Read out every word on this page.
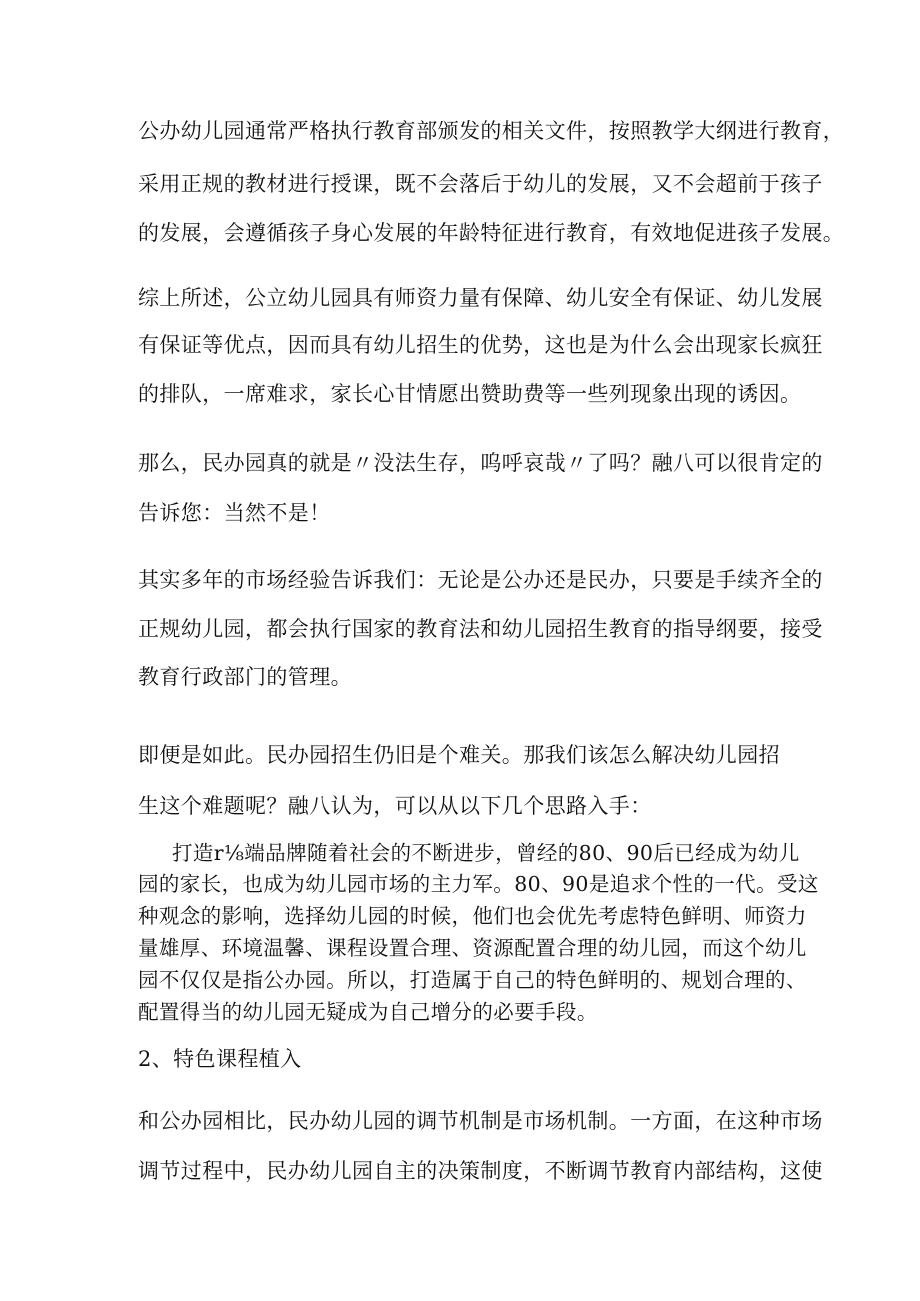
公办幼儿园通常严格执行教育部颁发的相关文件，按照教学大纲进行教育，

采用正规的教材进行授课，既不会落后于幼儿的发展，又不会超前于孩子

的发展，会遵循孩子身心发展的年龄特征进行教育，有效地促进孩子发展。

综上所述，公立幼儿园具有师资力量有保障、幼儿安全有保证、幼儿发展

有保证等优点，因而具有幼儿招生的优势，这也是为什么会出现家长疯狂

的排队，一席难求，家长心甘情愿出赞助费等一些列现象出现的诱因。

那么，民办园真的就是〃没法生存，呜呼哀哉〃了吗？融八可以很肯定的

告诉您：当然不是！

其实多年的市场经验告诉我们：无论是公办还是民办，只要是手续齐全的

正规幼儿园，都会执行国家的教育法和幼儿园招生教育的指导纲要，接受

教育行政部门的管理。

即便是如此。民办园招生仍旧是个难关。那我们该怎么解决幼儿园招

生这个难题呢？融八认为，可以从以下几个思路入手：

打造r⅛端品牌随着社会的不断进步，曾经的80、90后已经成为幼儿

园的家长，也成为幼儿园市场的主力军。80、90是追求个性的一代。受这

种观念的影响，选择幼儿园的时候，他们也会优先考虑特色鲜明、师资力

量雄厚、环境温馨、课程设置合理、资源配置合理的幼儿园，而这个幼儿

园不仅仅是指公办园。所以，打造属于自己的特色鲜明的、规划合理的、

配置得当的幼儿园无疑成为自己增分的必要手段。

2、特色课程植入

和公办园相比，民办幼儿园的调节机制是市场机制。一方面，在这种市场

调节过程中，民办幼儿园自主的决策制度，不断调节教育内部结构，这使
